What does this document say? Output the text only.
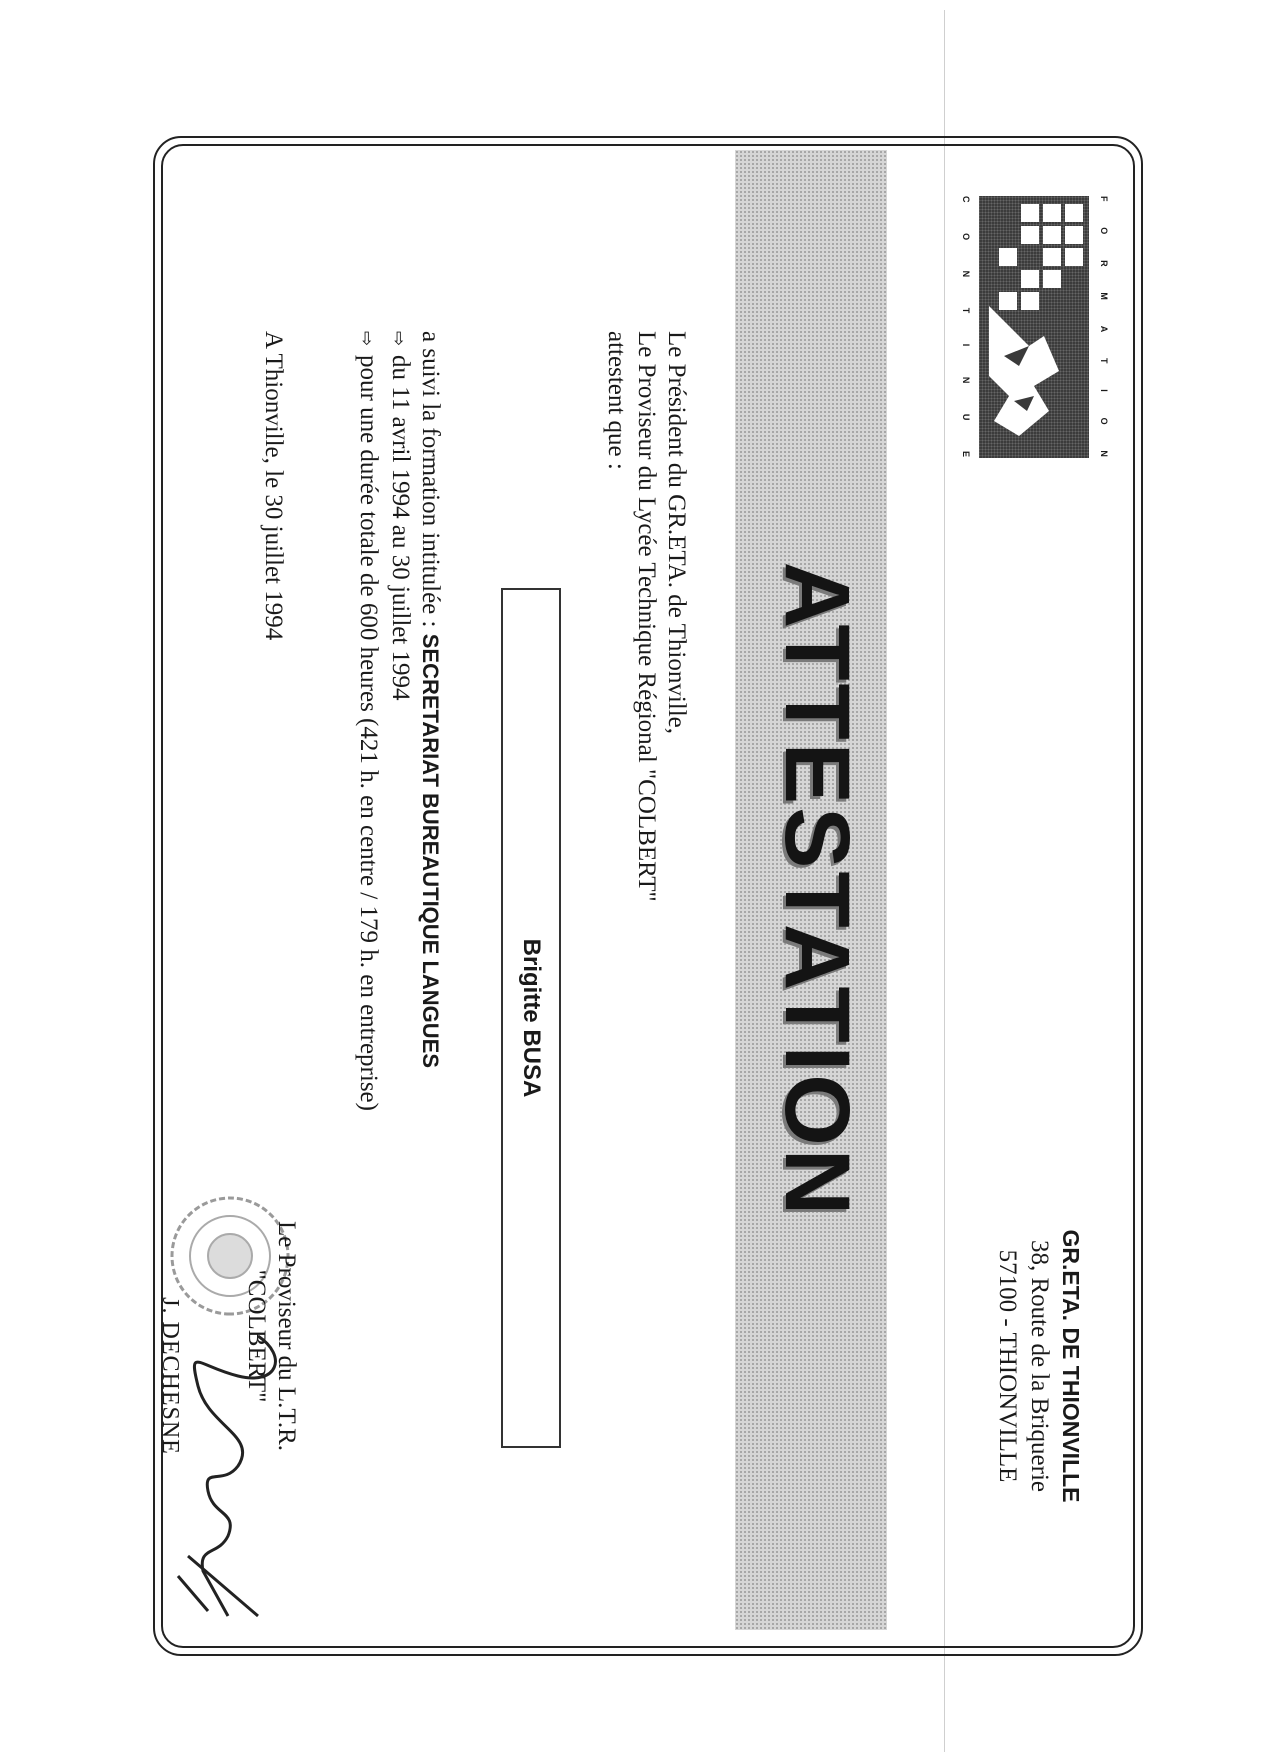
F
O
R
M
A
T
I
O
N
C
O
N
T
I
N
U
E
GR.ETA. DE THIONVILLE
38, Route de la Briquerie
57100 - THIONVILLE
ATTESTATION
Le Président du GR.ETA. de Thionville,
Le Proviseur du Lycée Technique Régional "COLBERT"
attestent que :
Brigitte BUSA
a suivi la formation intitulée : SECRETARIAT BUREAUTIQUE LANGUES
⇨du 11 avril 1994 au 30 juillet 1994
⇨pour une durée totale de 600 heures (421 h. en centre / 179 h. en entreprise)
A Thionville, le 30 juillet 1994
Le Proviseur du L.T.R.
"COLBERT"
J. DECHESNE
